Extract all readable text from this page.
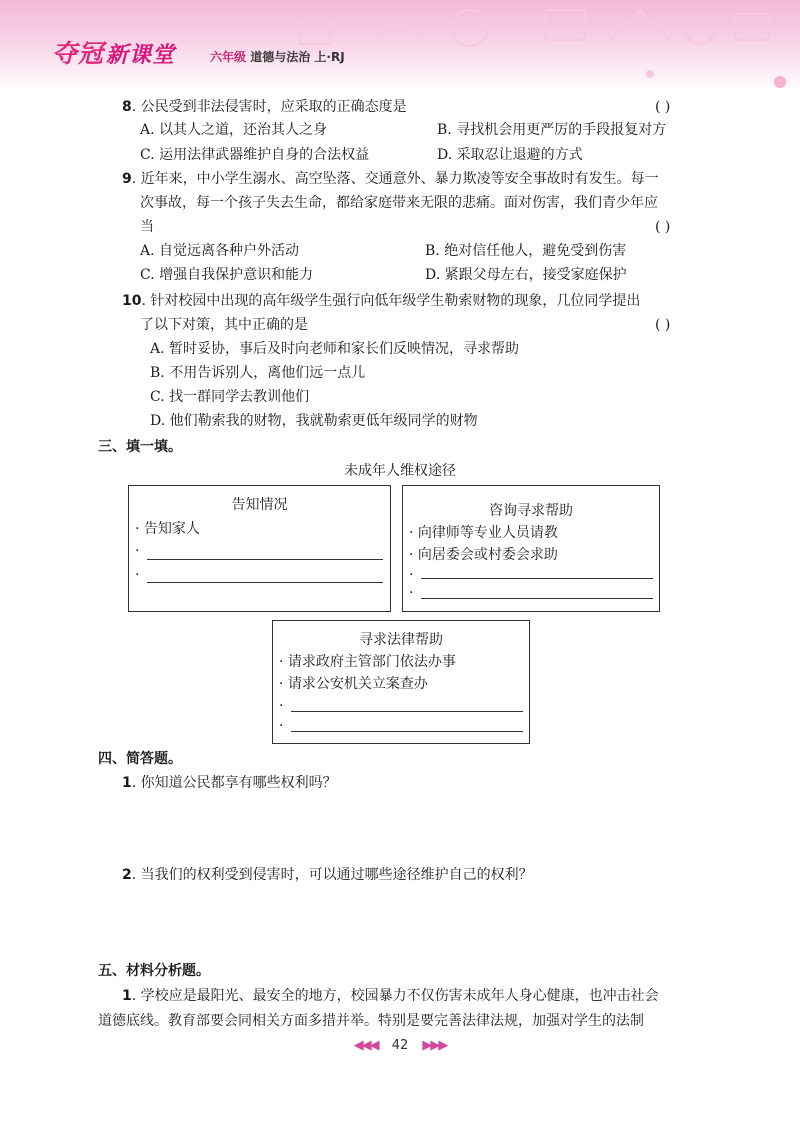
夺冠新课堂	六年级 道德与法治 上·RJ
8. 公民受到非法侵害时，应采取的正确态度是	( )
A. 以其人之道，还治其人之身	B. 寻找机会用更严厉的手段报复对方
C. 运用法律武器维护自身的合法权益	D. 采取忍让退避的方式
9. 近年来，中小学生溺水、高空坠落、交通意外、暴力欺凌等安全事故时有发生。每一
次事故，每一个孩子失去生命，都给家庭带来无限的悲痛。面对伤害，我们青少年应
当	( )
A. 自觉远离各种户外活动	B. 绝对信任他人，避免受到伤害
C. 增强自我保护意识和能力	D. 紧跟父母左右，接受家庭保护
10. 针对校园中出现的高年级学生强行向低年级学生勒索财物的现象，几位同学提出
了以下对策，其中正确的是	( )
A. 暂时妥协，事后及时向老师和家长们反映情况，寻求帮助
B. 不用告诉别人，离他们远一点儿
C. 找一群同学去教训他们
D. 他们勒索我的财物，我就勒索更低年级同学的财物
三、填一填。
未成年人维权途径
告知情况
· 告知家人
·
·
咨询寻求帮助
· 向律师等专业人员请教
· 向居委会或村委会求助
·
·
寻求法律帮助
· 请求政府主管部门依法办事
· 请求公安机关立案查办
·
·
四、简答题。
1. 你知道公民都享有哪些权利吗？
2. 当我们的权利受到侵害时，可以通过哪些途径维护自己的权利？
五、材料分析题。
1. 学校应是最阳光、最安全的地方，校园暴力不仅伤害未成年人身心健康，也冲击社会
道德底线。教育部要会同相关方面多措并举。特别是要完善法律法规，加强对学生的法制
◀◀◀ 42 ▶▶▶
